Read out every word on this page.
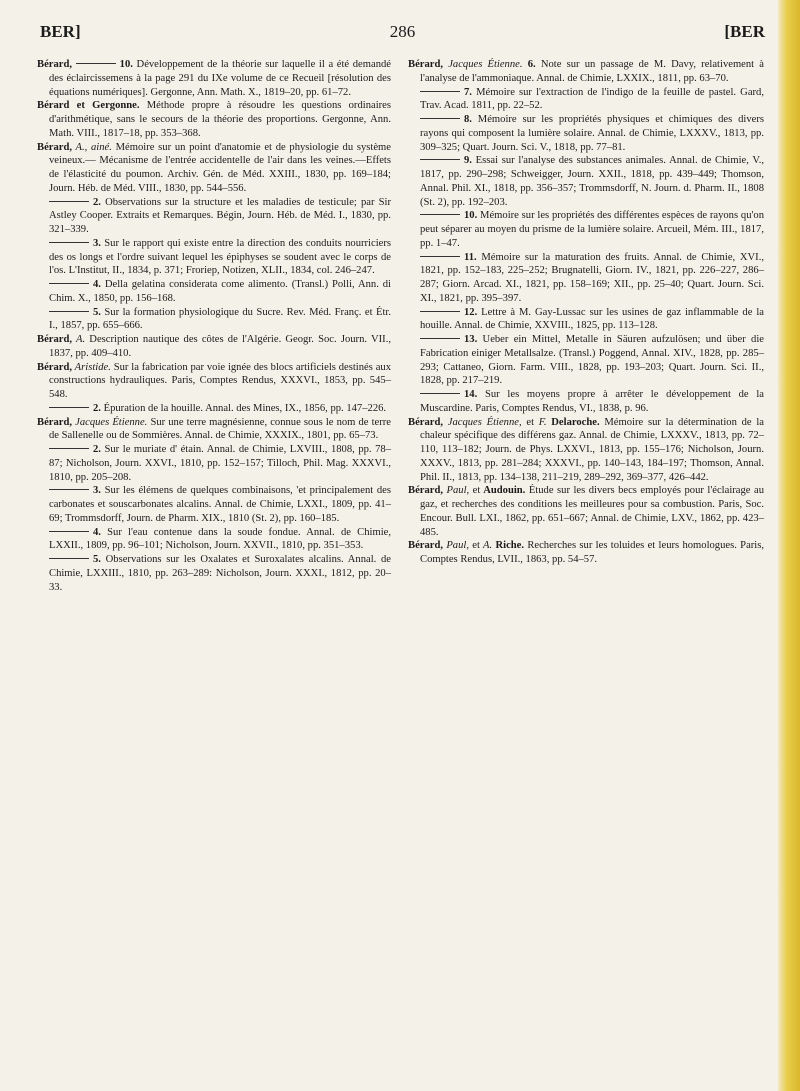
BER]	286	[BER

Bérard,	10. Développement de la théorie sur laquelle il a été demandé des éclaircissemens à la page 291 du IXe volume de ce Recueil [résolution des équations numériques]. Gergonne, Ann. Math. X., 1819–20, pp. 61–72.

Bérard et Gergonne. Méthode propre à résoudre les questions ordinaires d'arithmétique, sans le secours de la théorie des proportions. Gergonne, Ann. Math. VIII., 1817–18, pp. 353–368.

Bérard, A., ainé. Mémoire sur un point d'anatomie et de physiologie du système veineux.— Mécanisme de l'entrée accidentelle de l'air dans les veines.—Effets de l'élasticité du poumon. Archiv. Gén. de Méd. XXIII., 1830, pp. 169–184; Journ. Héb. de Méd. VIII., 1830, pp. 544–556.

2. Observations sur la structure et les maladies de testicule; par Sir Astley Cooper. Extraits et Remarques. Bégin, Journ. Héb. de Méd. I., 1830, pp. 321–339.

3. Sur le rapport qui existe entre la direction des conduits nourriciers des os longs et l'ordre suivant lequel les épiphyses se soudent avec le corps de l'os. L'Institut, II., 1834, p. 371; Froriep, Notizen, XLII., 1834, col. 246–247.

4. Della gelatina considerata come alimento. (Transl.) Polli, Ann. di Chim. X., 1850, pp. 156–168.

5. Sur la formation physiologique du Sucre. Rev. Méd. Franç. et Étr. I., 1857, pp. 655–666.

Bérard, A. Description nautique des côtes de l'Algérie. Geogr. Soc. Journ. VII., 1837, pp. 409–410.

Bérard, Aristide. Sur la fabrication par voie ignée des blocs artificiels destinés aux constructions hydrauliques. Paris, Comptes Rendus, XXXVI., 1853, pp. 545–548.

2. Épuration de la houille. Annal. des Mines, IX., 1856, pp. 147–226.

Bérard, Jacques Étienne. Sur une terre magnésienne, connue sous le nom de terre de Sallenelle ou de Sommières. Annal. de Chimie, XXXIX., 1801, pp. 65–73.

2. Sur le muriate d' étain. Annal. de Chimie, LXVIII., 1808, pp. 78–87; Nicholson, Journ. XXVI., 1810, pp. 152–157; Tilloch, Phil. Mag. XXXVI., 1810, pp. 205–208.

3. Sur les élémens de quelques combinaisons, 'et principalement des carbonates et souscarbonates alcalins. Annal. de Chimie, LXXI., 1809, pp. 41–69; Trommsdorff, Journ. de Pharm. XIX., 1810 (St. 2), pp. 160–185.

4. Sur l'eau contenue dans la soude fondue. Annal. de Chimie, LXXII., 1809, pp. 96–101; Nicholson, Journ. XXVII., 1810, pp. 351–353.

5. Observations sur les Oxalates et Suroxalates alcalins. Annal. de Chimie, LXXIII., 1810, pp. 263–289: Nicholson, Journ. XXXI., 1812, pp. 20–33.

Bérard, Jacques Étienne. 6. Note sur un passage de M. Davy, relativement à l'analyse de l'ammoniaque. Annal. de Chimie, LXXIX., 1811, pp. 63–70.

7. Mémoire sur l'extraction de l'indigo de la feuille de pastel. Gard, Trav. Acad. 1811, pp. 22–52.

8. Mémoire sur les propriétés physiques et chimiques des divers rayons qui composent la lumière solaire. Annal. de Chimie, LXXXV., 1813, pp. 309–325; Quart. Journ. Sci. V., 1818, pp. 77–81.

9. Essai sur l'analyse des substances animales. Annal. de Chimie, V., 1817, pp. 290–298; Schweigger, Journ. XXII., 1818, pp. 439–449; Thomson, Annal. Phil. XI., 1818, pp. 356–357; Trommsdorff, N. Journ. d. Pharm. II., 1808 (St. 2), pp. 192–203.

10. Mémoire sur les propriétés des différentes espèces de rayons qu'on peut séparer au moyen du prisme de la lumière solaire. Arcueil, Mém. III., 1817, pp. 1–47.

11. Mémoire sur la maturation des fruits. Annal. de Chimie, XVI., 1821, pp. 152–183, 225–252; Brugnatelli, Giorn. IV., 1821, pp. 226–227, 286–287; Giorn. Arcad. XI., 1821, pp. 158–169; XII., pp. 25–40; Quart. Journ. Sci. XI., 1821, pp. 395–397.

12. Lettre à M. Gay-Lussac sur les usines de gaz inflammable de la houille. Annal. de Chimie, XXVIII., 1825, pp. 113–128.

13. Ueber ein Mittel, Metalle in Säuren aufzulösen; und über die Fabrication einiger Metallsalze. (Transl.) Poggend, Annal. XIV., 1828, pp. 285–293; Cattaneo, Giorn. Farm. VIII., 1828, pp. 193–203; Quart. Journ. Sci. II., 1828, pp. 217–219.

14. Sur les moyens propre à arrêter le développement de la Muscardine. Paris, Comptes Rendus, VI., 1838, p. 96.

Bérard, Jacques Étienne, et F. Delaroche. Mémoire sur la détermination de la chaleur spécifique des différens gaz. Annal. de Chimie, LXXXV., 1813, pp. 72–110, 113–182; Journ. de Phys. LXXVI., 1813, pp. 155–176; Nicholson, Journ. XXXV., 1813, pp. 281–284; XXXVI., pp. 140–143, 184–197; Thomson, Annal. Phil. II., 1813, pp. 134–138, 211–219, 289–292, 369–377, 426–442.

Bérard, Paul, et Audouin. Étude sur les divers becs employés pour l'éclairage au gaz, et recherches des conditions les meilleures pour sa combustion. Paris, Soc. Encour. Bull. LXI., 1862, pp. 651–667; Annal. de Chimie, LXV., 1862, pp. 423–485.

Bérard, Paul, et A. Riche. Recherches sur les toluides et leurs homologues. Paris, Comptes Rendus, LVII., 1863, pp. 54–57.
